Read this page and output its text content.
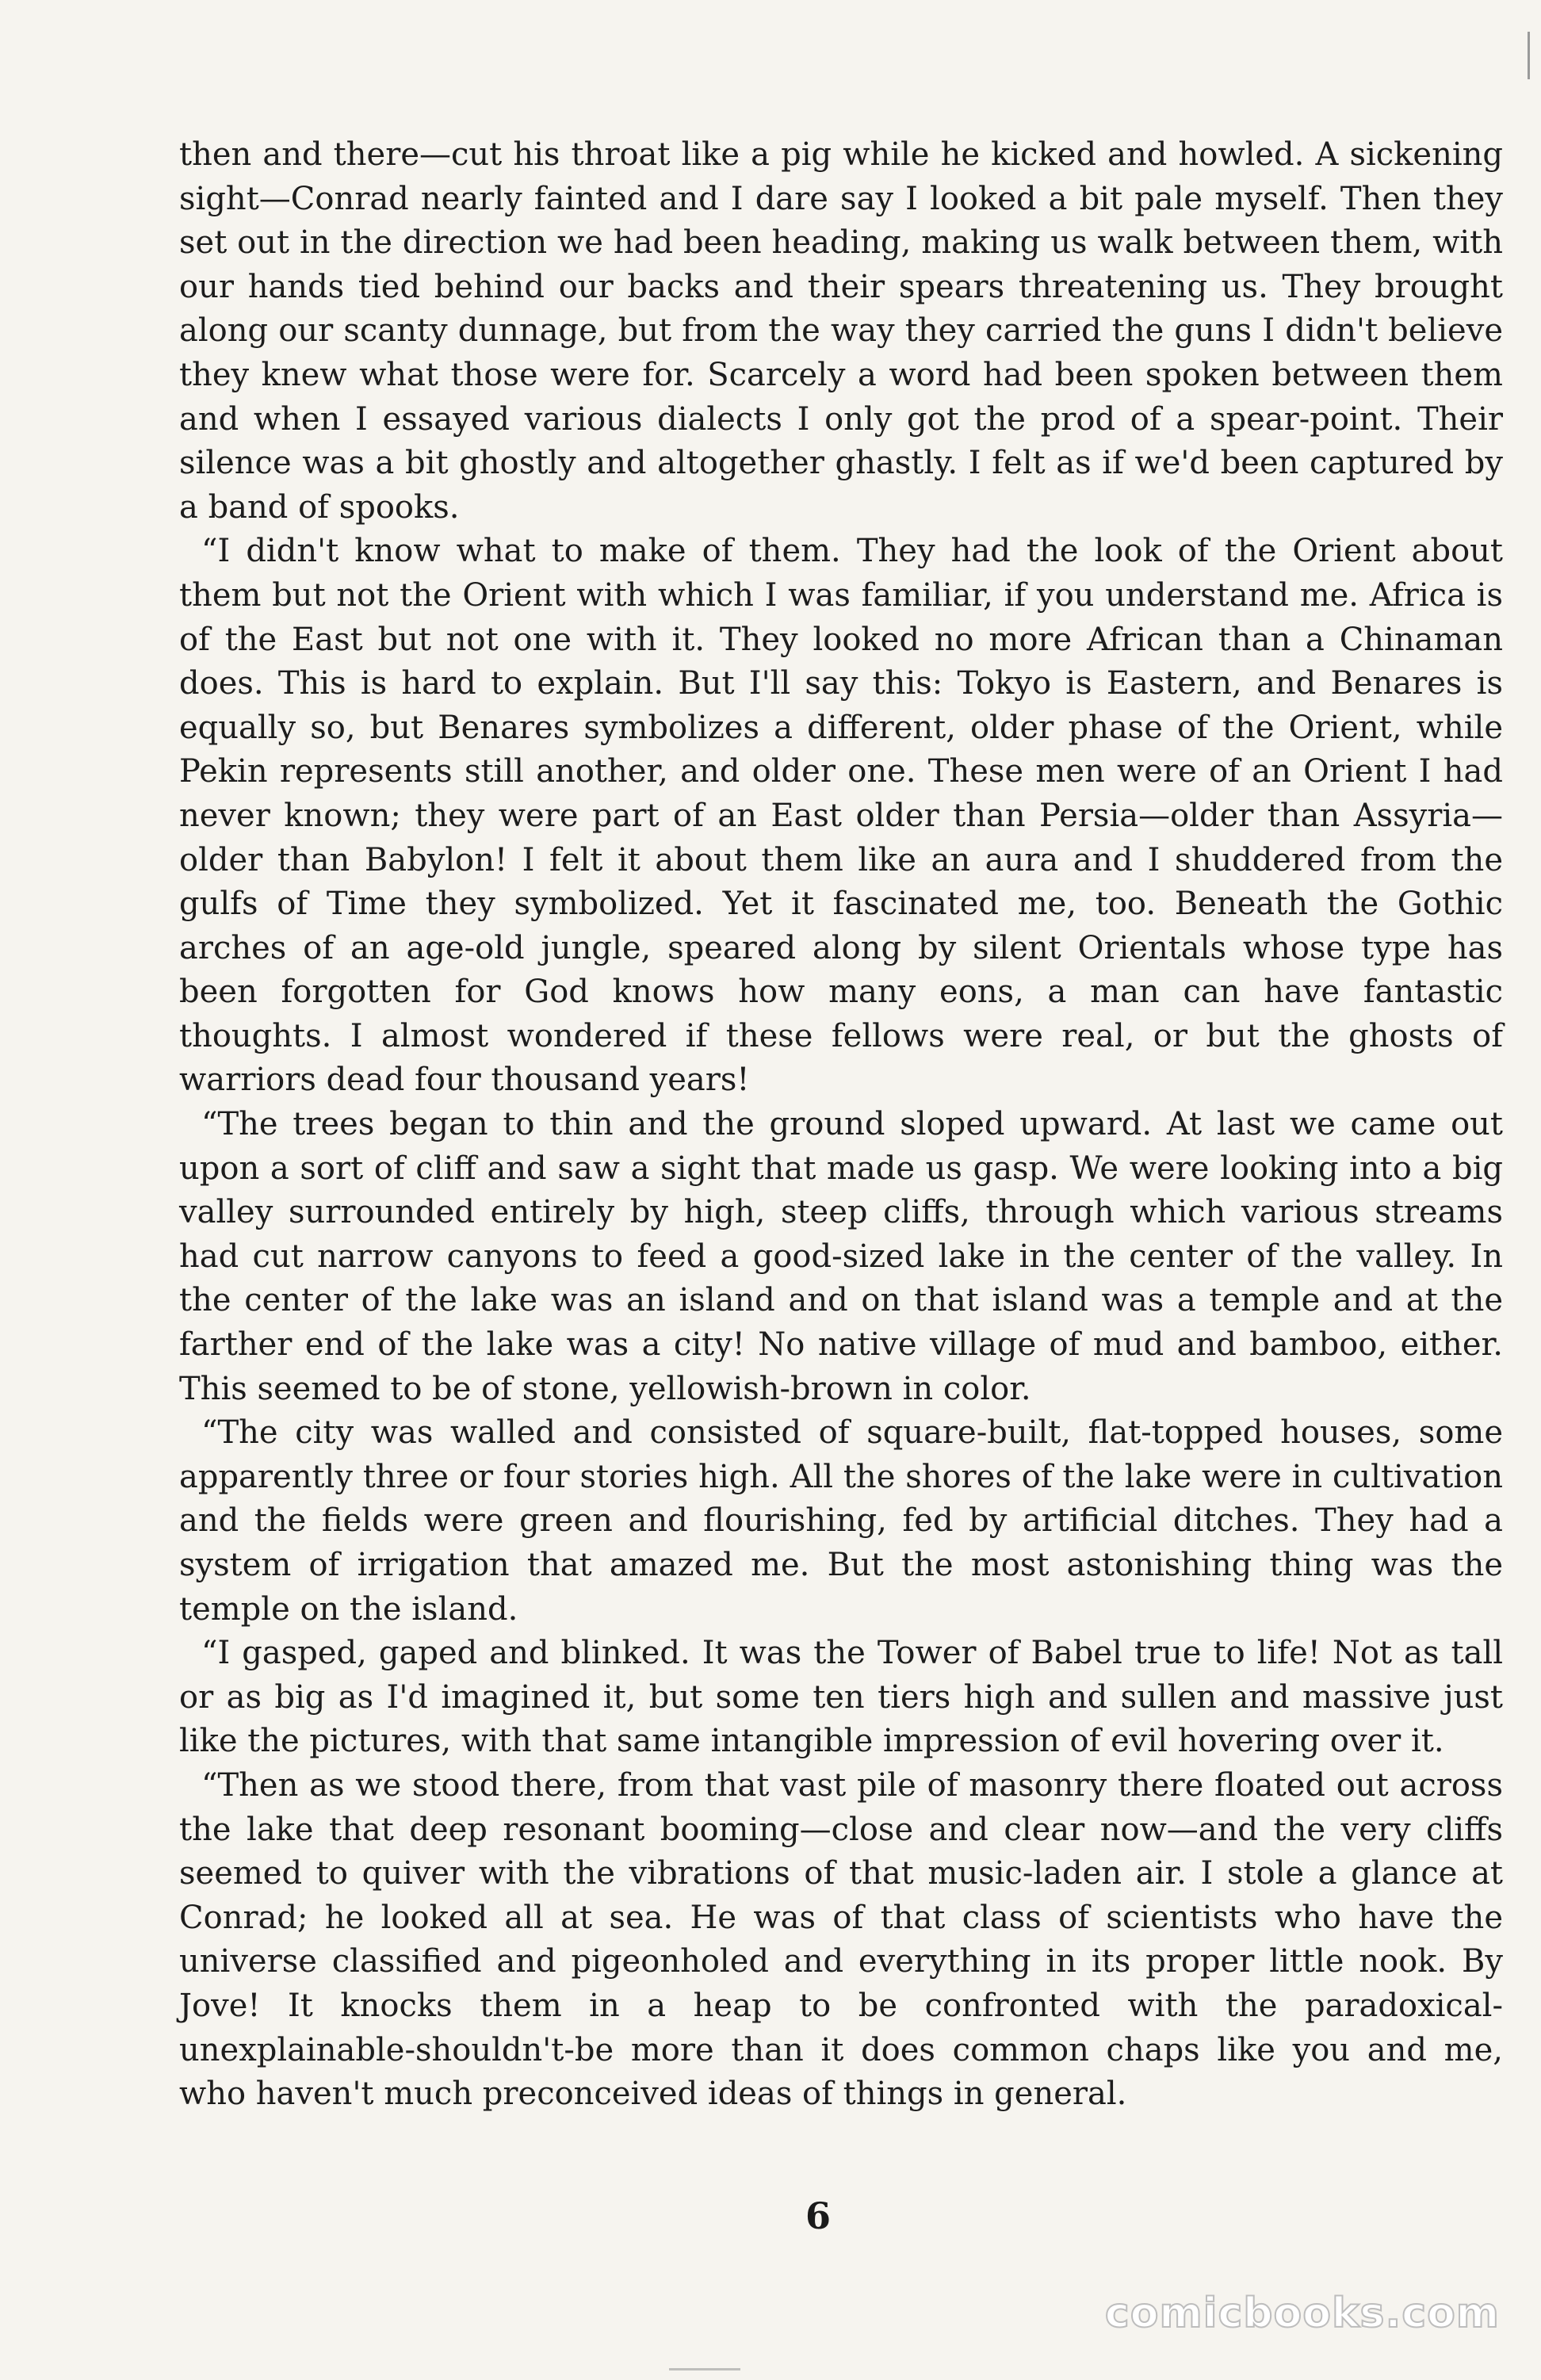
then and there—cut his throat like a pig while he kicked and howled. A sickening sight—Conrad nearly fainted and I dare say I looked a bit pale myself. Then they set out in the direction we had been heading, making us walk between them, with our hands tied behind our backs and their spears threatening us. They brought along our scanty dunnage, but from the way they carried the guns I didn't believe they knew what those were for. Scarcely a word had been spoken between them and when I essayed various dialects I only got the prod of a spear-point. Their silence was a bit ghostly and altogether ghastly. I felt as if we'd been captured by a band of spooks.

“I didn't know what to make of them. They had the look of the Orient about them but not the Orient with which I was familiar, if you understand me. Africa is of the East but not one with it. They looked no more African than a Chinaman does. This is hard to explain. But I'll say this: Tokyo is Eastern, and Benares is equally so, but Benares symbolizes a different, older phase of the Orient, while Pekin represents still another, and older one. These men were of an Orient I had never known; they were part of an East older than Persia—older than Assyria—older than Babylon! I felt it about them like an aura and I shuddered from the gulfs of Time they symbolized. Yet it fascinated me, too. Beneath the Gothic arches of an age-old jungle, speared along by silent Orientals whose type has been forgotten for God knows how many eons, a man can have fantastic thoughts. I almost wondered if these fellows were real, or but the ghosts of warriors dead four thousand years!

“The trees began to thin and the ground sloped upward. At last we came out upon a sort of cliff and saw a sight that made us gasp. We were looking into a big valley surrounded entirely by high, steep cliffs, through which various streams had cut narrow canyons to feed a good-sized lake in the center of the valley. In the center of the lake was an island and on that island was a temple and at the farther end of the lake was a city! No native village of mud and bamboo, either. This seemed to be of stone, yellowish-brown in color.

“The city was walled and consisted of square-built, flat-topped houses, some apparently three or four stories high. All the shores of the lake were in cultivation and the fields were green and flourishing, fed by artificial ditches. They had a system of irrigation that amazed me. But the most astonishing thing was the temple on the island.

“I gasped, gaped and blinked. It was the Tower of Babel true to life! Not as tall or as big as I'd imagined it, but some ten tiers high and sullen and massive just like the pictures, with that same intangible impression of evil hovering over it.

“Then as we stood there, from that vast pile of masonry there floated out across the lake that deep resonant booming—close and clear now—and the very cliffs seemed to quiver with the vibrations of that music-laden air. I stole a glance at Conrad; he looked all at sea. He was of that class of scientists who have the universe classified and pigeonholed and everything in its proper little nook. By Jove! It knocks them in a heap to be confronted with the paradoxical-unexplainable-shouldn't-be more than it does common chaps like you and me, who haven't much preconceived ideas of things in general.

6
comicbooks.com
